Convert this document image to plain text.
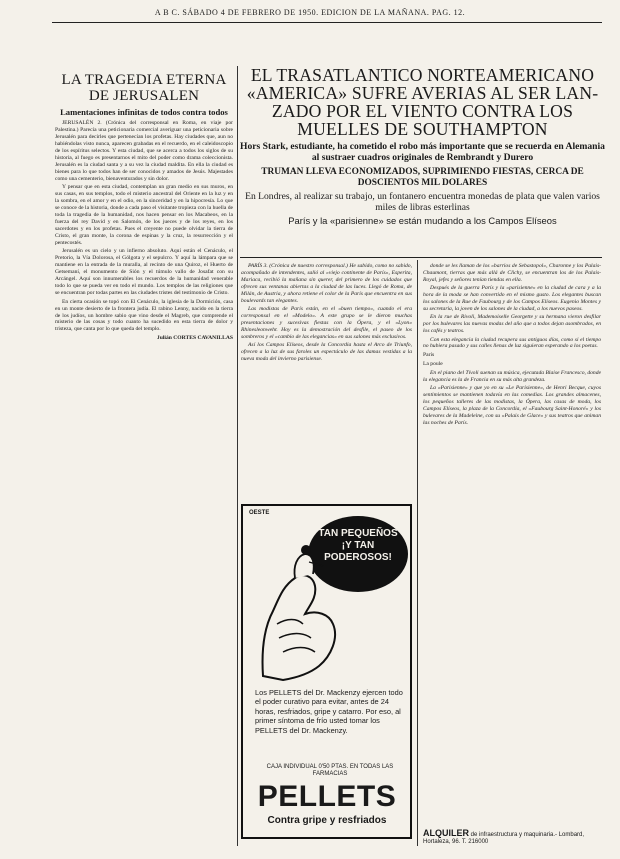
A B C. SÁBADO 4 DE FEBRERO DE 1950. EDICION DE LA MAÑANA. PAG. 12.
LA TRAGEDIA ETERNA
DE JERUSALEN
Lamentaciones infinitas de todos contra todos

JERUSALÉN 2. (Crónica del corresponsal en Roma, en viaje por Palestina.) Parecía una peticionaria comercial averiguar una peticionaria sobre Jerusalén para decirles que pertenecían los profetas. Hay ciudades que, aun no habiéndolas visto nunca, aparecen grabadas en el recuerdo, en el caleidoscopio de los espíritus selectos. Y esta ciudad, que se acerca a todos los siglos de su historia, al fuego es presentarnos el mito del poder como drama coleccionista. Jerusalén es la ciudad santa y a su vez la ciudad maldita. En ella la ciudad es bienes para lo que todos han de ser conocidos y amados de Jesús. Majestades como una cementerio, bienaventurados y sin dolor.

Y pensar que en esta ciudad, contemplan un gran medio en sus muros, en sus casas, en sus templos, todo el misterio ancestral del Oriente en la luz y en la sombra, en el amor y en el odio, en la sinceridad y en la hipocresía. Lo que se conoce de la historia, donde a cada paso el visitante tropieza con la huella de toda la tragedia de la humanidad, nos hacen pensar en los Macabeos, en la fuerza del rey David y en Salomón, de los jueces y de los reyes, en los sacerdotes y en los profetas. Pues el creyente no puede olvidar la tierra de Cristo, el gran monte, la corona de espinas y la cruz, la resurrección y el pentecostés.

Jerusalén es un cielo y un infierno absoluto. Aquí están el Cenáculo, el Pretorio, la Vía Dolorosa, el Gólgota y el sepulcro. Y aquí la lámpara que se mantiene en la entrada de la muralla, al recinto de una Quiroz, el Huerto de Getsemaní, el monumento de Sión y el túmulo vallo de Josafat con su Arcángel. Aquí son innumerables los recuerdos de la humanidad venerable todo lo que se pueda ver en todo el mundo. Los templos de las religiones que se encuentran por todas partes en las ciudades tristes del testimonio de Cristo.

En cierta ocasión se topó con El Cenáculo, la iglesia de la Dormición, casa en un monte desierto de la frontera judía. El rabino Lenny, nacido en la tierra de los judíos, un hombre sabio que vino desde el Magreb, que comprende el misterio de las cosas y todo cuanto ha sucedido en esta tierra de dolor y tristeza, que canta por lo que queda del templo.

Julián CORTES CAVANILLAS

EL TRASATLANTICO NORTEAMERICANO
«AMERICA» SUFRE AVERIAS AL SER LAN-
ZADO POR EL VIENTO CONTRA LOS
MUELLES DE SOUTHAMPTON
Hors Stark, estudiante, ha cometido el robo más importante que se recuerda en Alemania al sustraer cuadros originales de Rembrandt y Durero
TRUMAN LLEVA ECONOMIZADOS, SUPRIMIENDO FIESTAS, CERCA DE DOSCIENTOS MIL DOLARES
En Londres, al realizar su trabajo, un fontanero encuentra monedas de plata que valen varios miles de libras esterlinas
París y la «parisienne» se están mudando a los Campos Elíseos

PARÍS 3. (Crónica de nuestro corresponsal.) He sabido, como no sabido, acompañado de intendentes, salió al «viejo continente de París», Esperita, Mariaca, recibió la mañana sin querer, del primero de los cuidados que ofrecen sus ventanas abiertas a la ciudad de las luces. Llegó de Roma, de Milán, de Austria, y ahora retiene el color de la París que encuentra en sus boulevards tan elegantes.

Las modistas de París están, en el «buen tiempo», cuando el era corresponsal en el «Modelo». A este grupo se le dieron muchas presentaciones y sucesivas fiestas con la Ópera, y el «Lyon» Rhinesleonwehr. Hoy es la demostración del desfile, el paseo de los sombreros y el «cambio de las elegancias» en sus salones más exclusivos.

Así los Campos Elíseos, desde la Concordia hasta el Arco de Triunfo, ofrecen a la luz de sus faroles un espectáculo de las damas vestidas a la nueva moda del invierno parisiense.

donde se les llaman de los «barrios de Sebastopol», Charonne y los Palais-Chaumont, tierras que más allá de Clichy, se encuentran los de los Palais-Royal, jefes y señores tenían tiendas en ella.

Después de la guerra París y la «parisienne» en la ciudad de cara y a la hora de la moda se han convertido en el mismo gusto. Los elegantes buscan los salones de la Rue de Faubourg y de los Campos Elíseos. Eugenio Montes y su secretaria, la joven de los salones de la ciudad, a los nuevos paseos.

En la rue de Rivoli, Mademoiselle Georgette y su hermana vieron desfilar por los bulevares las nuevas modas del año que a todos dejan asombrados, en los cafés y teatros.

Con esta elegancia la ciudad recupera sus antiguos días, como si el tiempo no hubiera pasado y sus calles llenas de luz siguieran esperando a los poetas.

París

La poule

En el piano del Tívoli suenan su música, ejecutada Blaise Francesco, donde la elegancia es la de Francia en su más alta grandeza.

La «Parisienne» y que yo en su «Le Parisienne», de Henri Becque, cuyos sentimientos se mantienen todavía en las comedias. Los grandes almacenes, los pequeños talleres de las modistas, la Ópera, las casas de moda, los Campos Elíseos, la plaza de la Concordia, el «Faubourg Saint-Honoré» y los bulevares de la Madeleine, con su «Palais de Glace» y sus teatros que animan las noches de París.

OESTE
TAN PEQUEÑOS ¡Y TAN PODEROSOS!
Los PELLETS del Dr. Mackenzy ejercen todo el poder curativo para evitar, antes de 24 horas, resfriados, gripe y catarro. Por eso, al primer síntoma de frío usted tomar los PELLETS del Dr. Mackenzy.
CAJA INDIVIDUAL 0'50 PTAS. EN TODAS LAS FARMACIAS
PELLETS
Contra gripe y resfriados
ALQUILER de infraestructura y maquinaria.- Lombard, Hortaleza, 96. T. 216000
